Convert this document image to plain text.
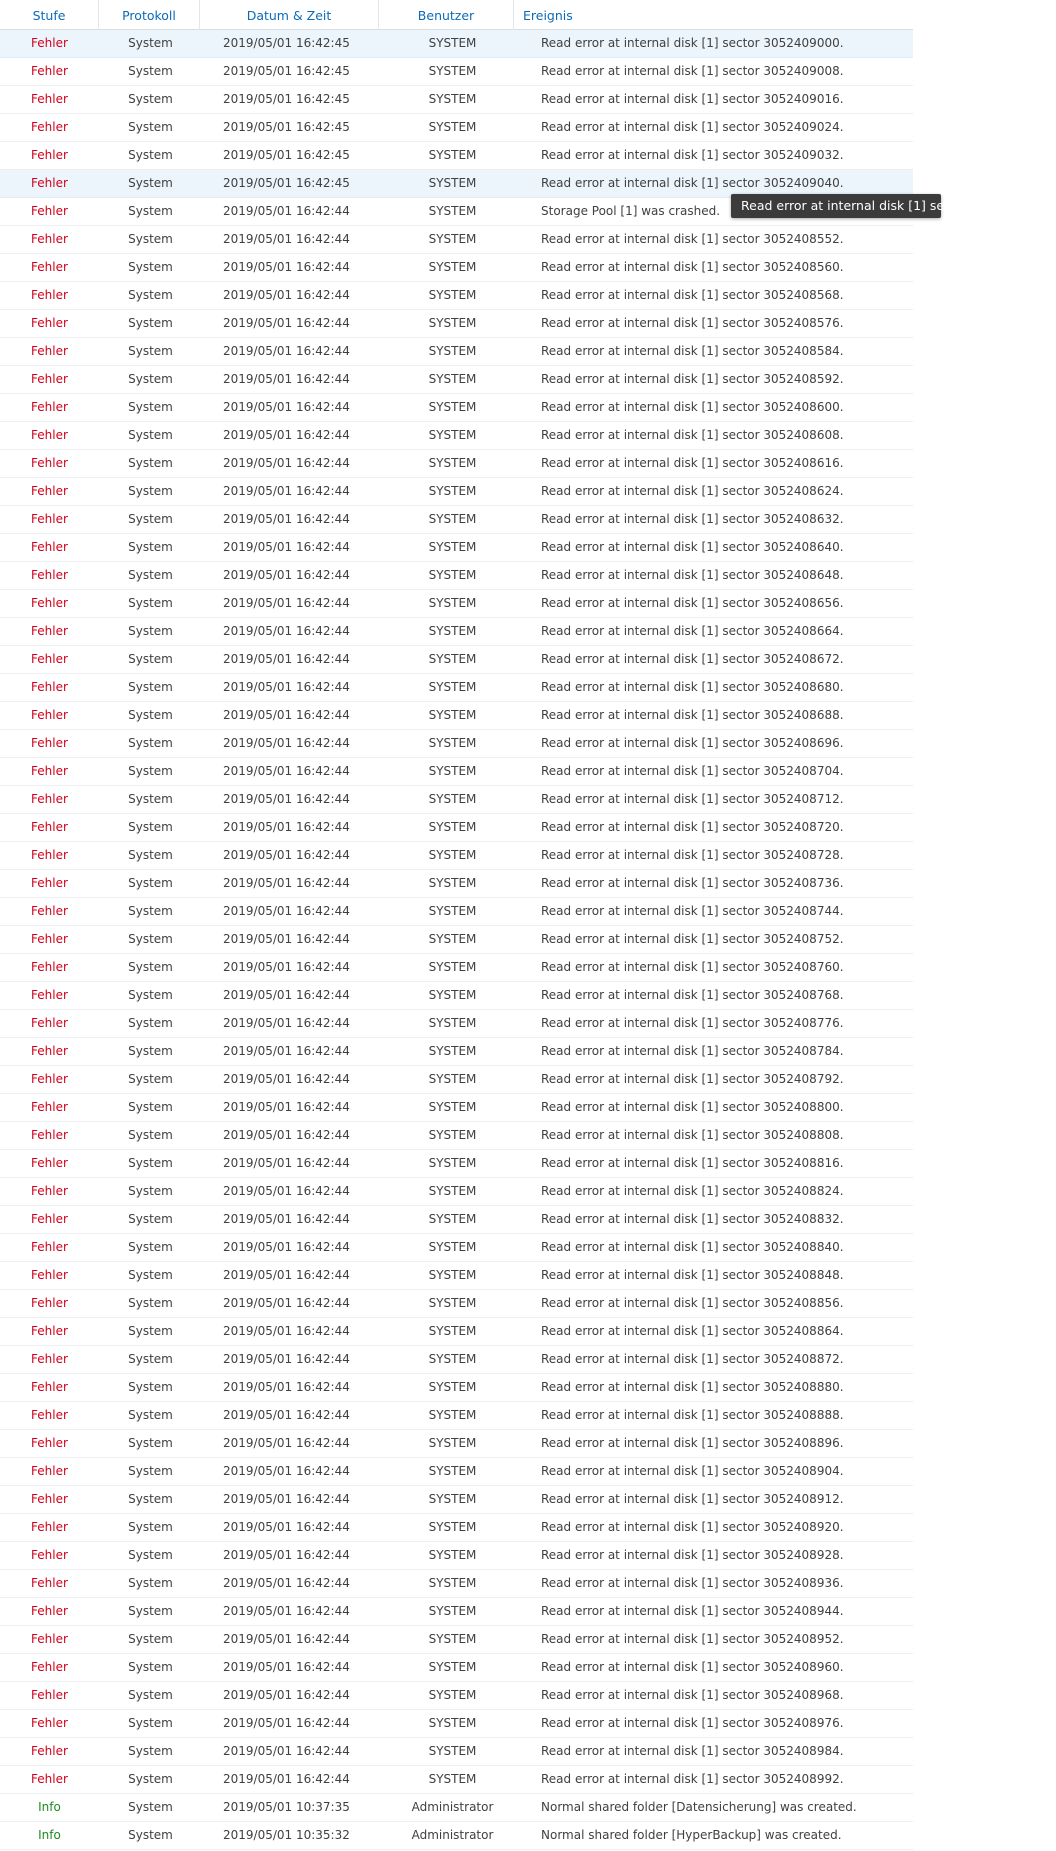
Stufe	Protokoll	Datum & Zeit	Benutzer	Ereignis
Fehler	System	2019/05/01 16:42:45	SYSTEM	Read error at internal disk [1] sector 3052409000.
Fehler	System	2019/05/01 16:42:45	SYSTEM	Read error at internal disk [1] sector 3052409008.
Fehler	System	2019/05/01 16:42:45	SYSTEM	Read error at internal disk [1] sector 3052409016.
Fehler	System	2019/05/01 16:42:45	SYSTEM	Read error at internal disk [1] sector 3052409024.
Fehler	System	2019/05/01 16:42:45	SYSTEM	Read error at internal disk [1] sector 3052409032.
Fehler	System	2019/05/01 16:42:45	SYSTEM	Read error at internal disk [1] sector 3052409040.
Fehler	System	2019/05/01 16:42:44	SYSTEM	Storage Pool [1] was crashed.
Fehler	System	2019/05/01 16:42:44	SYSTEM	Read error at internal disk [1] sector 3052408552.
Fehler	System	2019/05/01 16:42:44	SYSTEM	Read error at internal disk [1] sector 3052408560.
Fehler	System	2019/05/01 16:42:44	SYSTEM	Read error at internal disk [1] sector 3052408568.
Fehler	System	2019/05/01 16:42:44	SYSTEM	Read error at internal disk [1] sector 3052408576.
Fehler	System	2019/05/01 16:42:44	SYSTEM	Read error at internal disk [1] sector 3052408584.
Fehler	System	2019/05/01 16:42:44	SYSTEM	Read error at internal disk [1] sector 3052408592.
Fehler	System	2019/05/01 16:42:44	SYSTEM	Read error at internal disk [1] sector 3052408600.
Fehler	System	2019/05/01 16:42:44	SYSTEM	Read error at internal disk [1] sector 3052408608.
Fehler	System	2019/05/01 16:42:44	SYSTEM	Read error at internal disk [1] sector 3052408616.
Fehler	System	2019/05/01 16:42:44	SYSTEM	Read error at internal disk [1] sector 3052408624.
Fehler	System	2019/05/01 16:42:44	SYSTEM	Read error at internal disk [1] sector 3052408632.
Fehler	System	2019/05/01 16:42:44	SYSTEM	Read error at internal disk [1] sector 3052408640.
Fehler	System	2019/05/01 16:42:44	SYSTEM	Read error at internal disk [1] sector 3052408648.
Fehler	System	2019/05/01 16:42:44	SYSTEM	Read error at internal disk [1] sector 3052408656.
Fehler	System	2019/05/01 16:42:44	SYSTEM	Read error at internal disk [1] sector 3052408664.
Fehler	System	2019/05/01 16:42:44	SYSTEM	Read error at internal disk [1] sector 3052408672.
Fehler	System	2019/05/01 16:42:44	SYSTEM	Read error at internal disk [1] sector 3052408680.
Fehler	System	2019/05/01 16:42:44	SYSTEM	Read error at internal disk [1] sector 3052408688.
Fehler	System	2019/05/01 16:42:44	SYSTEM	Read error at internal disk [1] sector 3052408696.
Fehler	System	2019/05/01 16:42:44	SYSTEM	Read error at internal disk [1] sector 3052408704.
Fehler	System	2019/05/01 16:42:44	SYSTEM	Read error at internal disk [1] sector 3052408712.
Fehler	System	2019/05/01 16:42:44	SYSTEM	Read error at internal disk [1] sector 3052408720.
Fehler	System	2019/05/01 16:42:44	SYSTEM	Read error at internal disk [1] sector 3052408728.
Fehler	System	2019/05/01 16:42:44	SYSTEM	Read error at internal disk [1] sector 3052408736.
Fehler	System	2019/05/01 16:42:44	SYSTEM	Read error at internal disk [1] sector 3052408744.
Fehler	System	2019/05/01 16:42:44	SYSTEM	Read error at internal disk [1] sector 3052408752.
Fehler	System	2019/05/01 16:42:44	SYSTEM	Read error at internal disk [1] sector 3052408760.
Fehler	System	2019/05/01 16:42:44	SYSTEM	Read error at internal disk [1] sector 3052408768.
Fehler	System	2019/05/01 16:42:44	SYSTEM	Read error at internal disk [1] sector 3052408776.
Fehler	System	2019/05/01 16:42:44	SYSTEM	Read error at internal disk [1] sector 3052408784.
Fehler	System	2019/05/01 16:42:44	SYSTEM	Read error at internal disk [1] sector 3052408792.
Fehler	System	2019/05/01 16:42:44	SYSTEM	Read error at internal disk [1] sector 3052408800.
Fehler	System	2019/05/01 16:42:44	SYSTEM	Read error at internal disk [1] sector 3052408808.
Fehler	System	2019/05/01 16:42:44	SYSTEM	Read error at internal disk [1] sector 3052408816.
Fehler	System	2019/05/01 16:42:44	SYSTEM	Read error at internal disk [1] sector 3052408824.
Fehler	System	2019/05/01 16:42:44	SYSTEM	Read error at internal disk [1] sector 3052408832.
Fehler	System	2019/05/01 16:42:44	SYSTEM	Read error at internal disk [1] sector 3052408840.
Fehler	System	2019/05/01 16:42:44	SYSTEM	Read error at internal disk [1] sector 3052408848.
Fehler	System	2019/05/01 16:42:44	SYSTEM	Read error at internal disk [1] sector 3052408856.
Fehler	System	2019/05/01 16:42:44	SYSTEM	Read error at internal disk [1] sector 3052408864.
Fehler	System	2019/05/01 16:42:44	SYSTEM	Read error at internal disk [1] sector 3052408872.
Fehler	System	2019/05/01 16:42:44	SYSTEM	Read error at internal disk [1] sector 3052408880.
Fehler	System	2019/05/01 16:42:44	SYSTEM	Read error at internal disk [1] sector 3052408888.
Fehler	System	2019/05/01 16:42:44	SYSTEM	Read error at internal disk [1] sector 3052408896.
Fehler	System	2019/05/01 16:42:44	SYSTEM	Read error at internal disk [1] sector 3052408904.
Fehler	System	2019/05/01 16:42:44	SYSTEM	Read error at internal disk [1] sector 3052408912.
Fehler	System	2019/05/01 16:42:44	SYSTEM	Read error at internal disk [1] sector 3052408920.
Fehler	System	2019/05/01 16:42:44	SYSTEM	Read error at internal disk [1] sector 3052408928.
Fehler	System	2019/05/01 16:42:44	SYSTEM	Read error at internal disk [1] sector 3052408936.
Fehler	System	2019/05/01 16:42:44	SYSTEM	Read error at internal disk [1] sector 3052408944.
Fehler	System	2019/05/01 16:42:44	SYSTEM	Read error at internal disk [1] sector 3052408952.
Fehler	System	2019/05/01 16:42:44	SYSTEM	Read error at internal disk [1] sector 3052408960.
Fehler	System	2019/05/01 16:42:44	SYSTEM	Read error at internal disk [1] sector 3052408968.
Fehler	System	2019/05/01 16:42:44	SYSTEM	Read error at internal disk [1] sector 3052408976.
Fehler	System	2019/05/01 16:42:44	SYSTEM	Read error at internal disk [1] sector 3052408984.
Fehler	System	2019/05/01 16:42:44	SYSTEM	Read error at internal disk [1] sector 3052408992.
Info	System	2019/05/01 10:37:35	Administrator	Normal shared folder [Datensicherung] was created.
Info	System	2019/05/01 10:35:32	Administrator	Normal shared folder [HyperBackup] was created.
Read error at internal disk [1] sector 3052409040.
